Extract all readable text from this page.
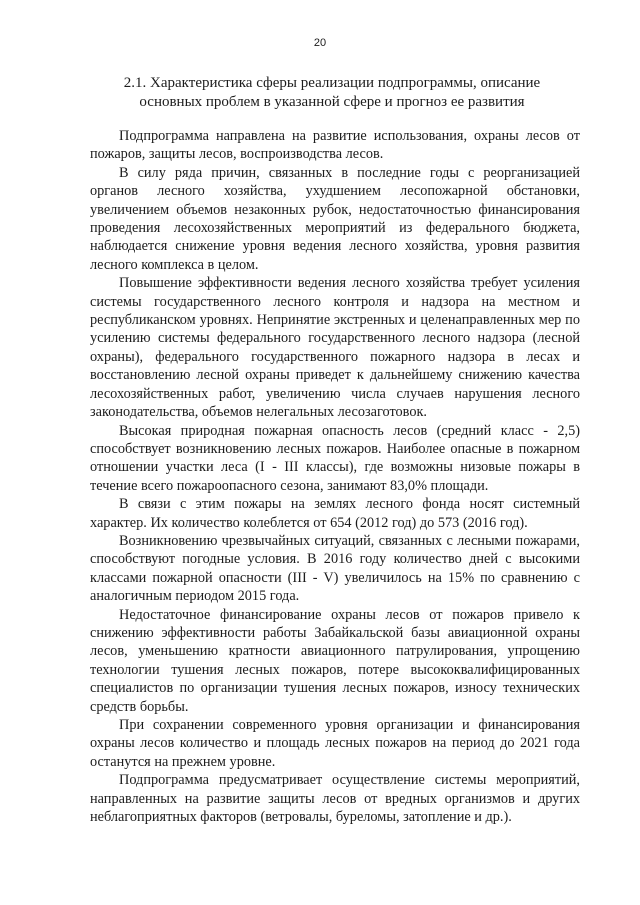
20
2.1. Характеристика сферы реализации подпрограммы, описание
основных проблем в указанной сфере и прогноз ее развития

Подпрограмма направлена на развитие использования, охраны лесов от пожаров, защиты лесов, воспроизводства лесов.

В силу ряда причин, связанных в последние годы с реорганизацией органов лесного хозяйства, ухудшением лесопожарной обстановки, увеличением объемов незаконных рубок, недостаточностью финансирования проведения лесохозяйственных мероприятий из федерального бюджета, наблюдается снижение уровня ведения лесного хозяйства, уровня развития лесного комплекса в целом.

Повышение эффективности ведения лесного хозяйства требует усиления системы государственного лесного контроля и надзора на местном и республиканском уровнях. Непринятие экстренных и целенаправленных мер по усилению системы федерального государственного лесного надзора (лесной охраны), федерального государственного пожарного надзора в лесах и восстановлению лесной охраны приведет к дальнейшему снижению качества лесохозяйственных работ, увеличению числа случаев нарушения лесного законодательства, объемов нелегальных лесозаготовок.

Высокая природная пожарная опасность лесов (средний класс - 2,5) способствует возникновению лесных пожаров. Наиболее опасные в пожарном отношении участки леса (I - III классы), где возможны низовые пожары в течение всего пожароопасного сезона, занимают 83,0% площади.

В связи с этим пожары на землях лесного фонда носят системный характер. Их количество колеблется от 654 (2012 год) до 573 (2016 год).

Возникновению чрезвычайных ситуаций, связанных с лесными пожарами, способствуют погодные условия. В 2016 году количество дней с высокими классами пожарной опасности (III - V) увеличилось на 15% по сравнению с аналогичным периодом 2015 года.

Недостаточное финансирование охраны лесов от пожаров привело к снижению эффективности работы Забайкальской базы авиационной охраны лесов, уменьшению кратности авиационного патрулирования, упрощению технологии тушения лесных пожаров, потере высококвалифицированных специалистов по организации тушения лесных пожаров, износу технических средств борьбы.

При сохранении современного уровня организации и финансирования охраны лесов количество и площадь лесных пожаров на период до 2021 года останутся на прежнем уровне.

Подпрограмма предусматривает осуществление системы мероприятий, направленных на развитие защиты лесов от вредных организмов и других неблагоприятных факторов (ветровалы, буреломы, затопление и др.).
